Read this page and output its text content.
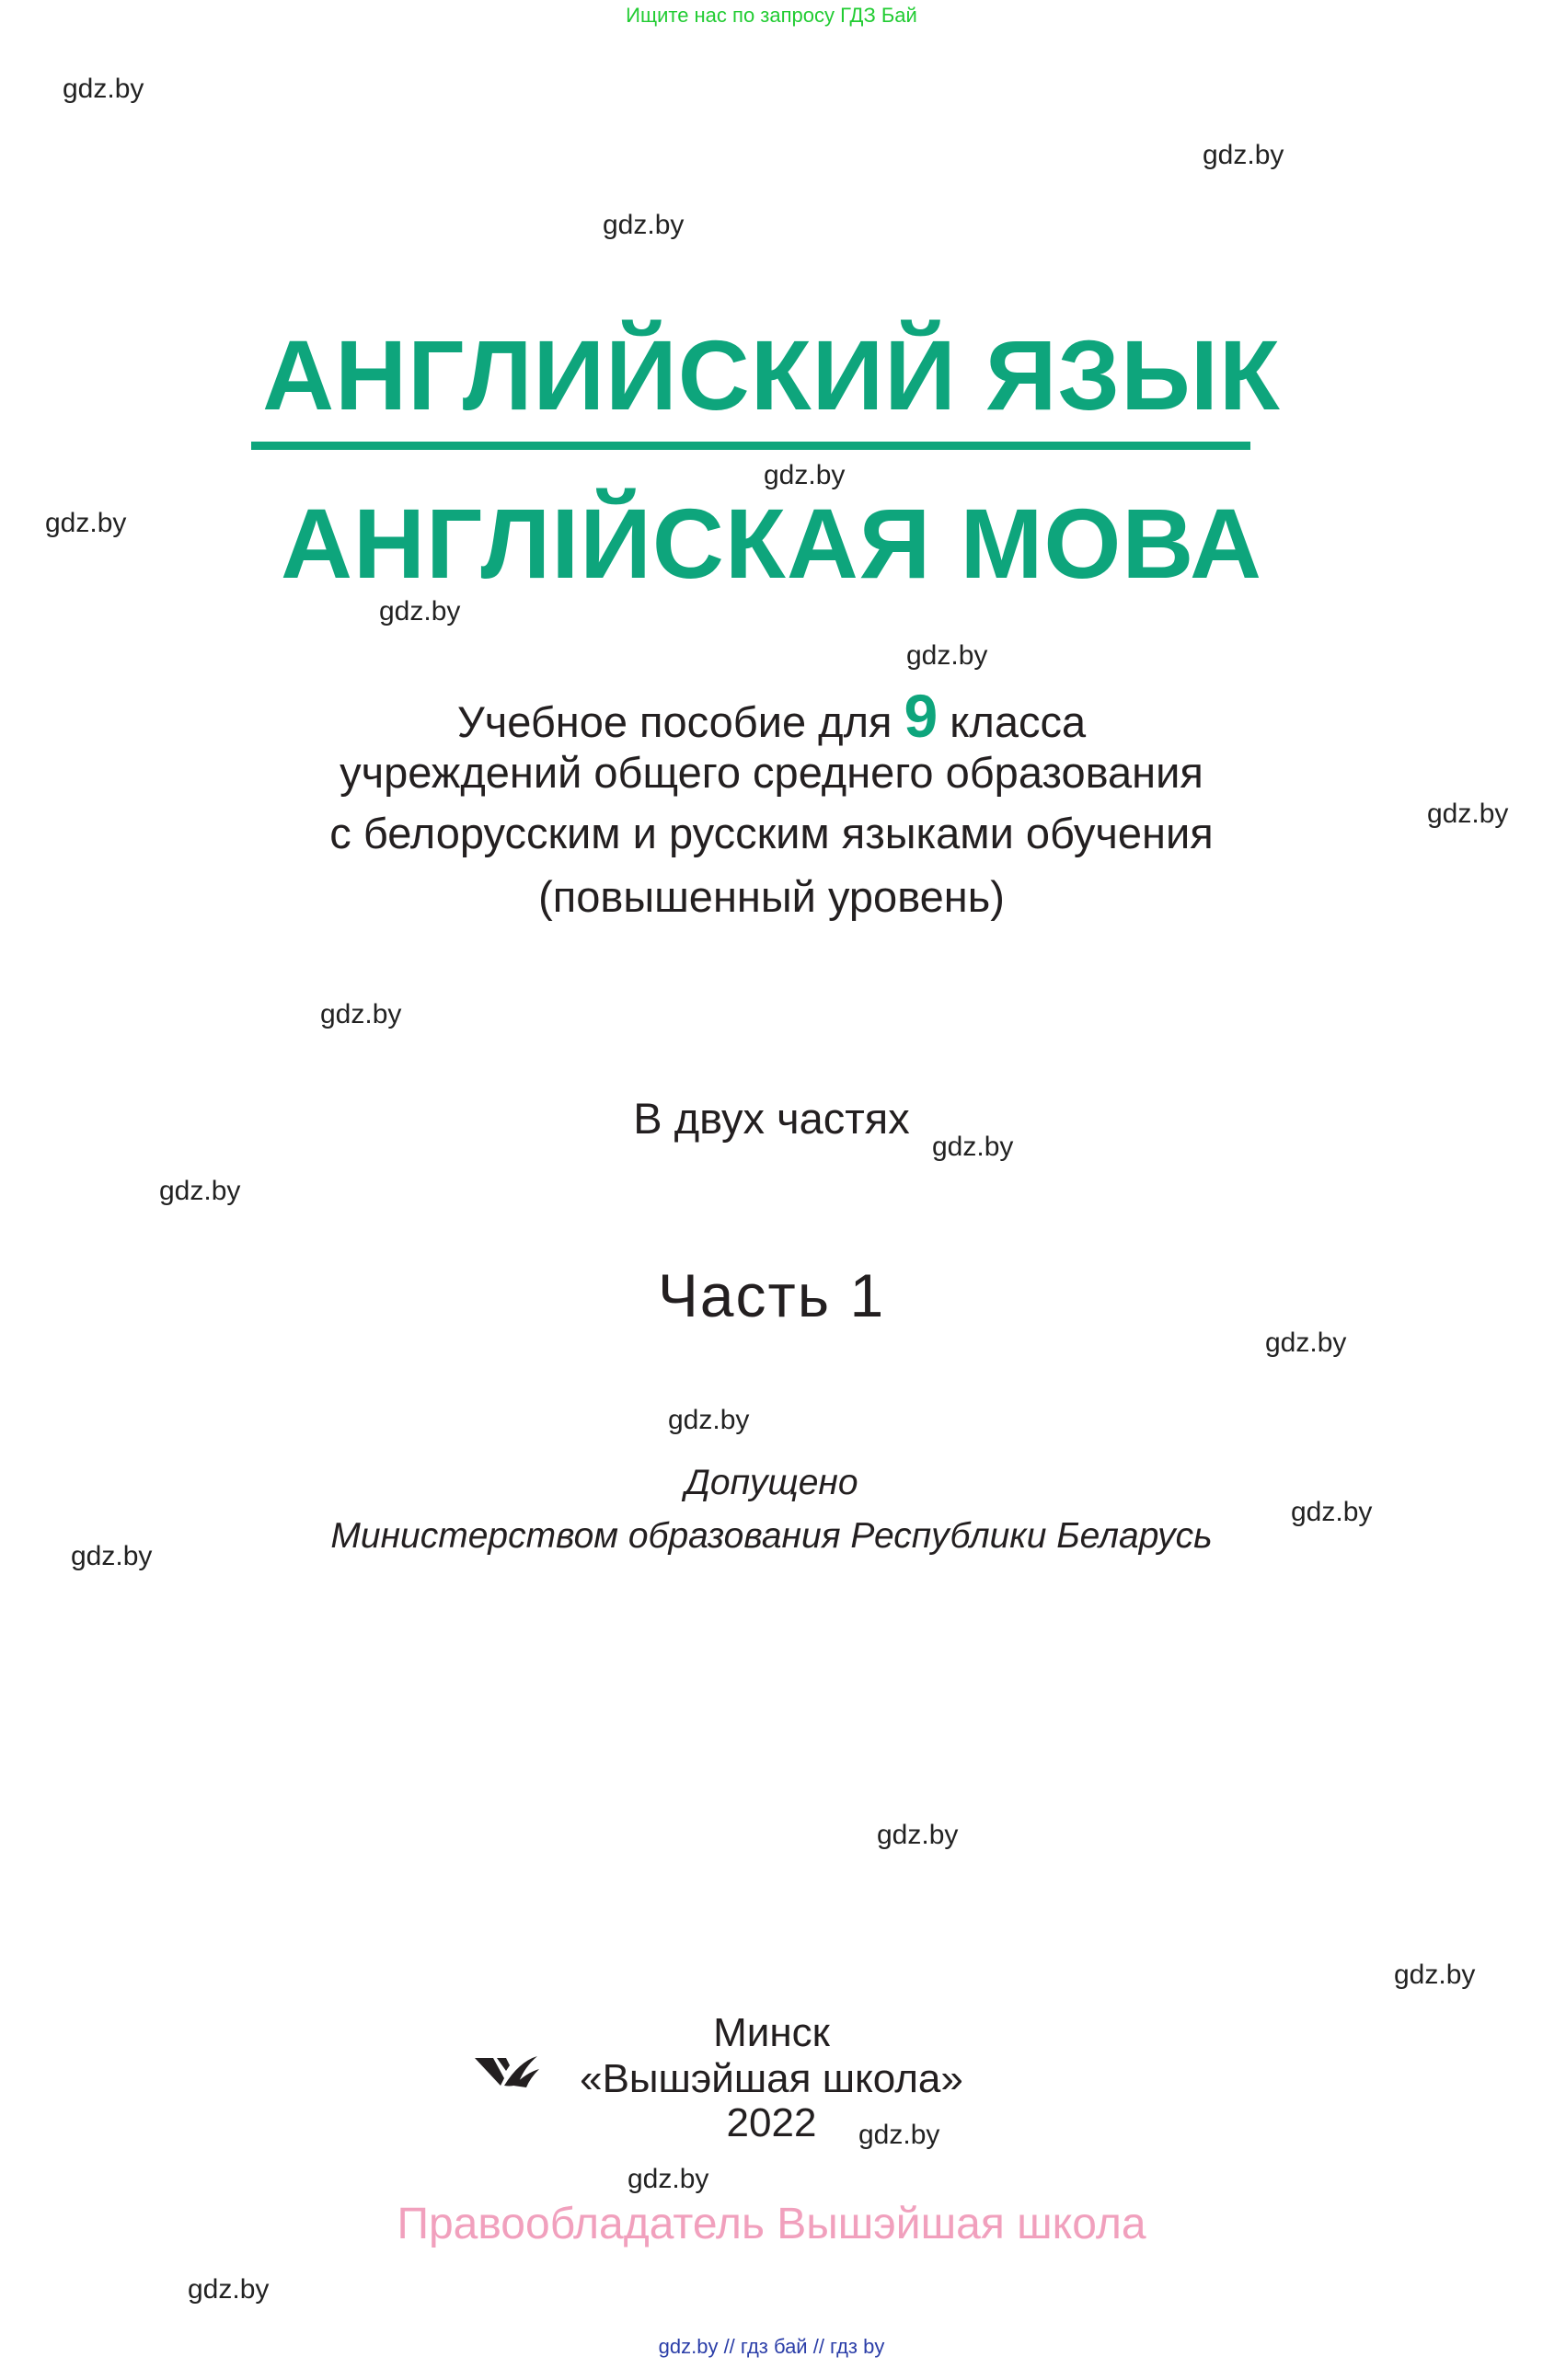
Ищите нас по запросу ГДЗ Бай
gdz.by
gdz.by
gdz.by
gdz.by
gdz.by
gdz.by
gdz.by
gdz.by
gdz.by
gdz.by
gdz.by
gdz.by
gdz.by
gdz.by
gdz.by
gdz.by
gdz.by
gdz.by
gdz.by
gdz.by
АНГЛИЙСКИЙ ЯЗЫК
АНГЛІЙСКАЯ МОВА
Учебное пособие для 9 класса
учреждений общего среднего образования
с белорусским и русским языками обучения
(повышенный уровень)
В двух частях
Часть 1
Допущено
Министерством образования Республики Беларусь
Минск
«Вышэйшая школа»
2022
Правообладатель Вышэйшая школа
gdz.by // гдз бай // гдз by
